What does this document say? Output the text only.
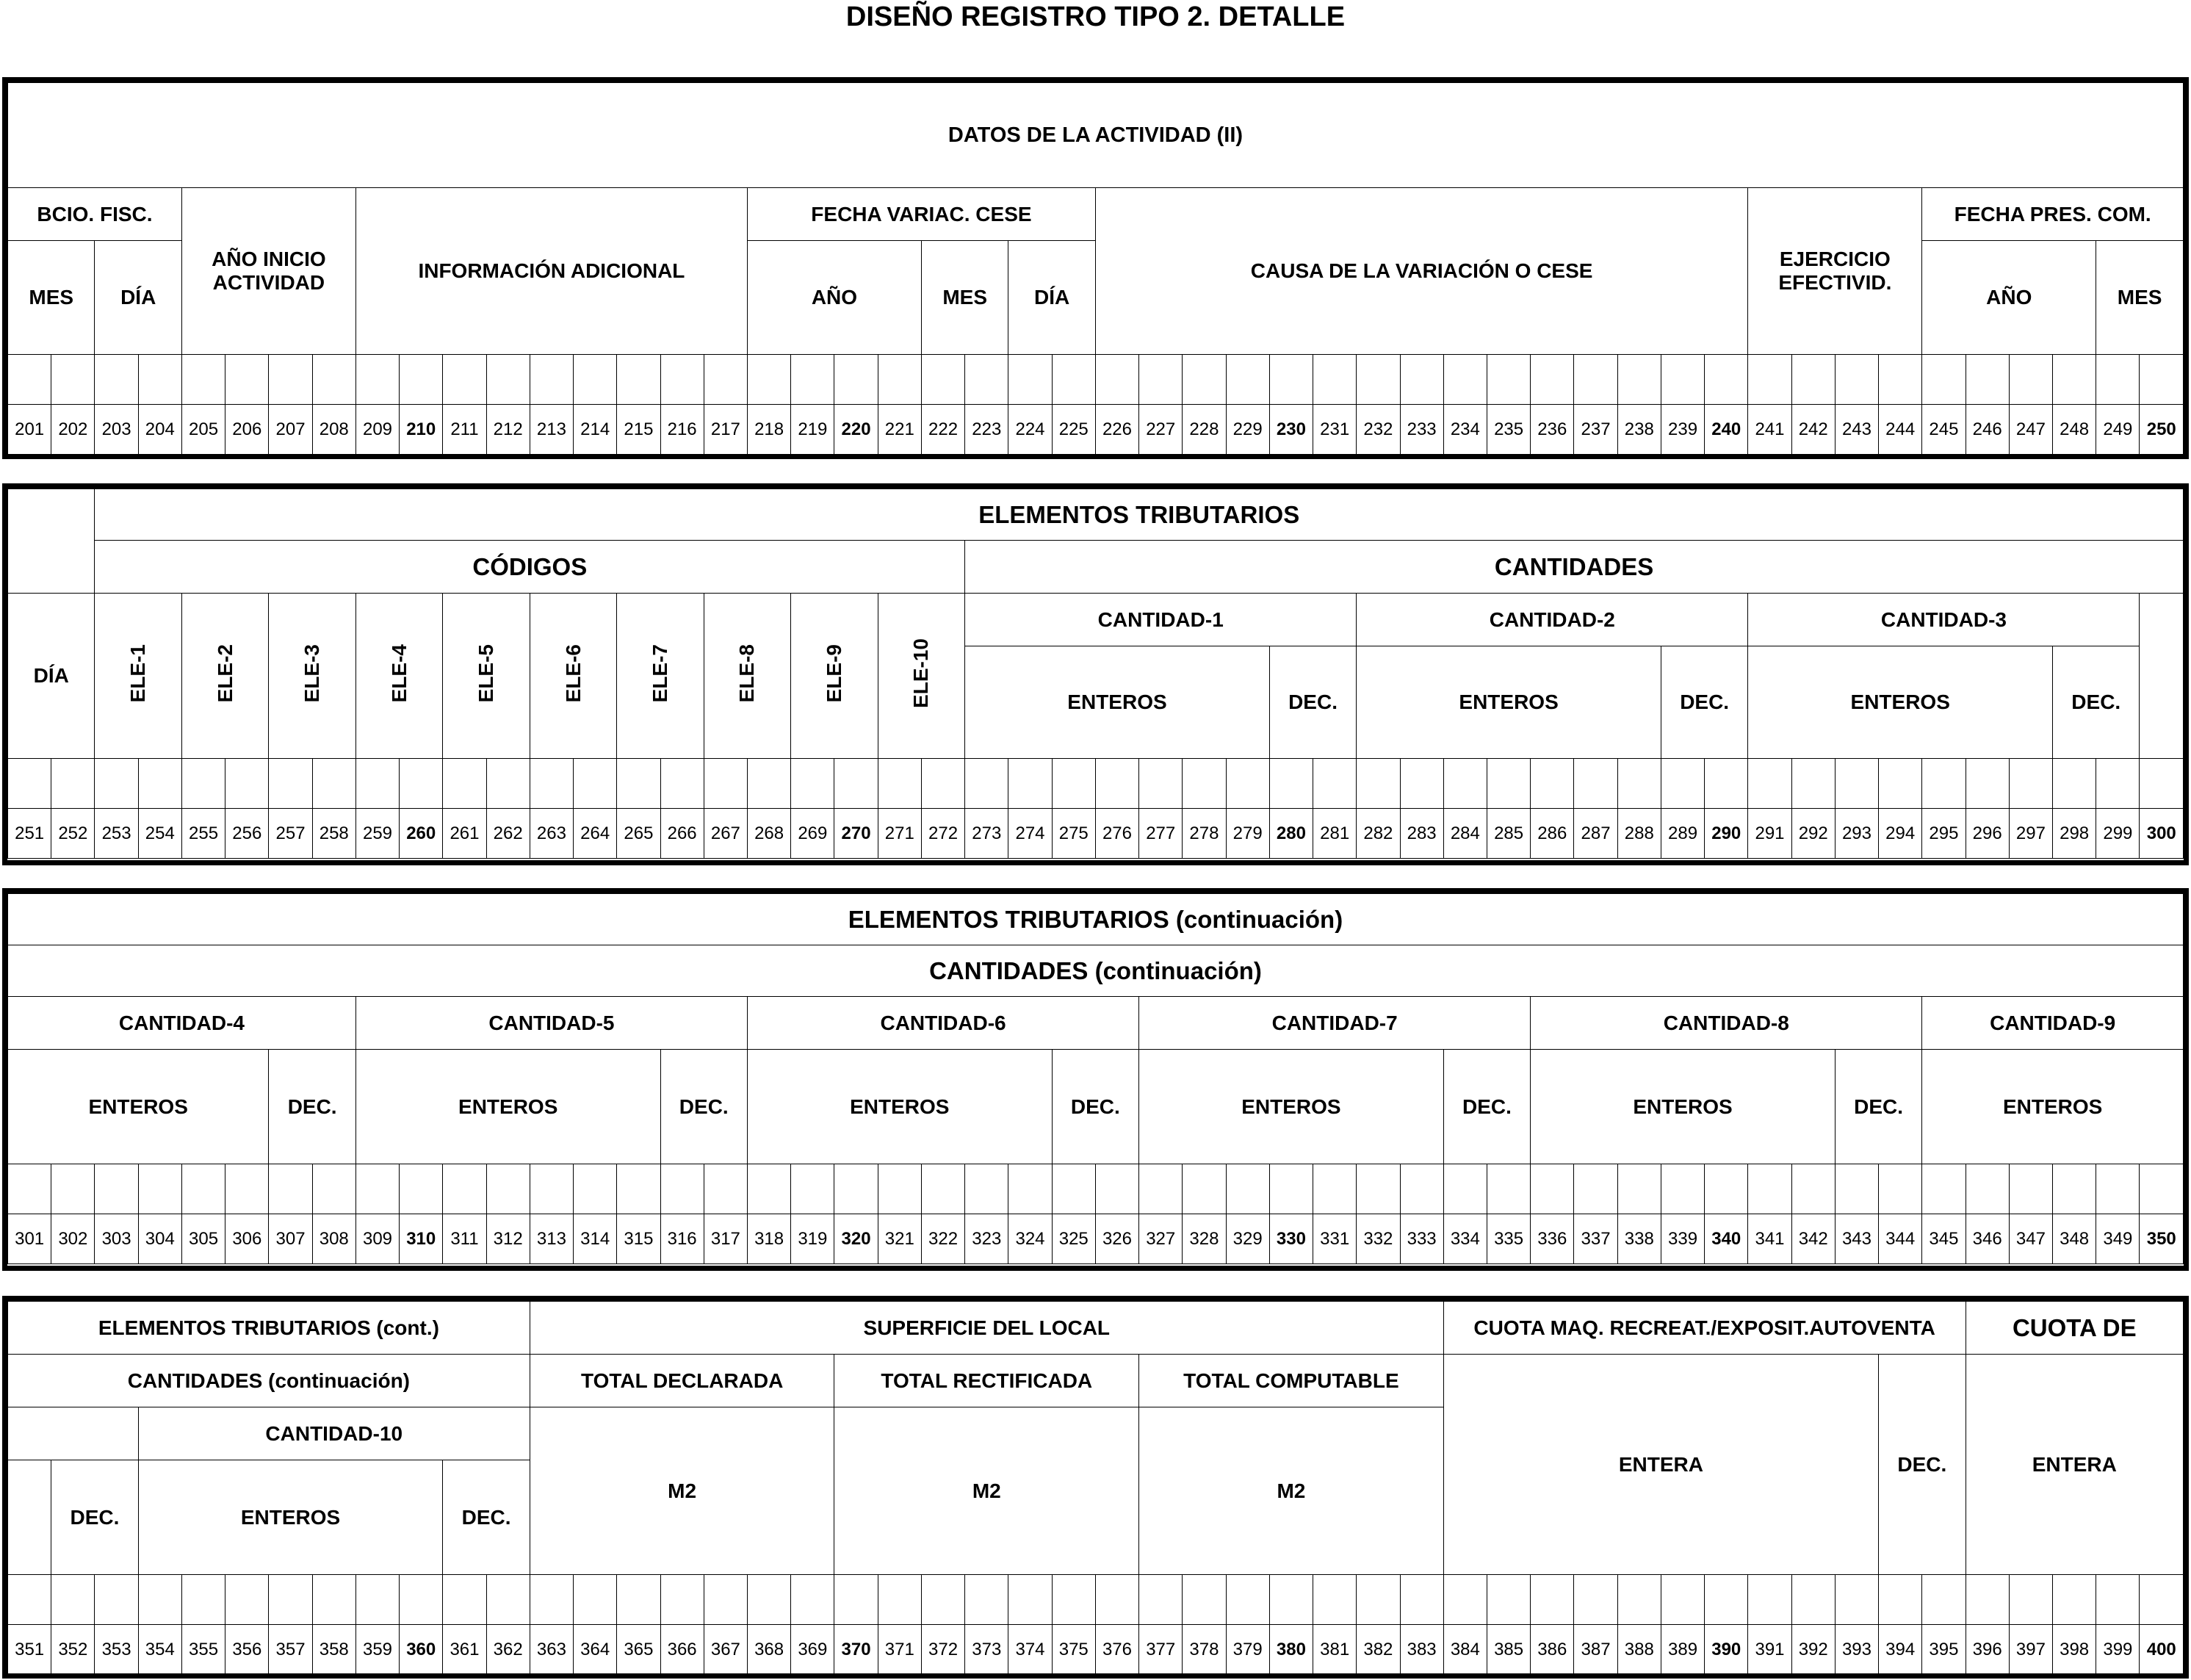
DISEÑO REGISTRO TIPO 2. DETALLE
DATOS DE LA ACTIVIDAD (II)																																																	
BCIO. FISC.				AÑO INICIO ACTIVIDAD				INFORMACIÓN ADICIONAL									FECHA VARIAC. CESE								CAUSA DE LA VARIACIÓN O CESE															EJERCICIO EFECTIVID.				FECHA PRES. COM.					
MES		DÍA															AÑO				MES		DÍA																					AÑO				MES	

201	202	203	204	205	206	207	208	209	210	211	212	213	214	215	216	217	218	219	220	221	222	223	224	225	226	227	228	229	230	231	232	233	234	235	236	237	238	239	240	241	242	243	244	245	246	247	248	249	250
		ELEMENTOS TRIBUTARIOS																																															
		CÓDIGOS																				CANTIDADES																											
DÍA		ELE-1		ELE-2		ELE-3		ELE-4		ELE-5		ELE-6		ELE-7		ELE-8		ELE-9		ELE-10		CANTIDAD-1									CANTIDAD-2									CANTIDAD-3									
																						ENTEROS							DEC.		ENTEROS							DEC.		ENTEROS							DEC.		

251	252	253	254	255	256	257	258	259	260	261	262	263	264	265	266	267	268	269	270	271	272	273	274	275	276	277	278	279	280	281	282	283	284	285	286	287	288	289	290	291	292	293	294	295	296	297	298	299	300
ELEMENTOS TRIBUTARIOS (continuación)																																																	
CANTIDADES (continuación)																																																	
CANTIDAD-4								CANTIDAD-5									CANTIDAD-6									CANTIDAD-7									CANTIDAD-8									CANTIDAD-9					
ENTEROS						DEC.		ENTEROS							DEC.		ENTEROS							DEC.		ENTEROS							DEC.		ENTEROS							DEC.		ENTEROS					

301	302	303	304	305	306	307	308	309	310	311	312	313	314	315	316	317	318	319	320	321	322	323	324	325	326	327	328	329	330	331	332	333	334	335	336	337	338	339	340	341	342	343	344	345	346	347	348	349	350
ELEMENTOS TRIBUTARIOS (cont.)												SUPERFICIE DEL LOCAL																					CUOTA MAQ. RECREAT./EXPOSIT.AUTOVENTA												CUOTA DE				
CANTIDADES (continuación)												TOTAL DECLARADA							TOTAL RECTIFICADA							TOTAL COMPUTABLE							ENTERA										DEC.		ENTERA				
			CANTIDAD-10									M2							M2							M2																							
	DEC.		ENTEROS							DEC.																																							

351	352	353	354	355	356	357	358	359	360	361	362	363	364	365	366	367	368	369	370	371	372	373	374	375	376	377	378	379	380	381	382	383	384	385	386	387	388	389	390	391	392	393	394	395	396	397	398	399	400
